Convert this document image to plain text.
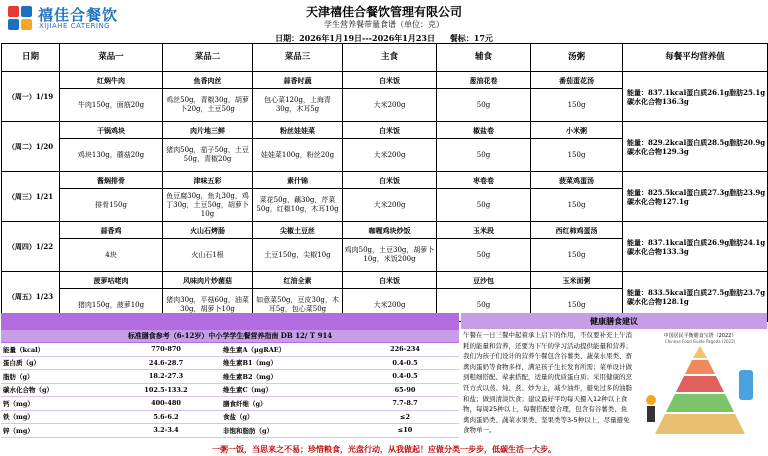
禧佳合餐饮
XIJIAHE CATERING
天津禧佳合餐饮管理有限公司
学生营养餐带量食谱（单位：克）
日期：2026年1月19日---2026年1月23日 餐标：17元
日期	菜品一	菜品二	菜品三	主食	辅食	汤粥	每餐平均营养值
（周一）1/19	红焖牛肉	鱼香肉丝	蒜香时蔬	白米饭	葱油花卷	番茄蛋花汤	能量：837.1kcal蛋白质26.1g脂肪25.1g碳水化合物136.3g
	牛肉150g，面筋20g	鸡丝50g，青椒30g，胡萝卜20g，土豆50g	包心菜120g，上海青30g，木耳5g	大米200g	50g	150g	
（周二）1/20	干锅鸡块	肉片地三鲜	粉丝娃娃菜	白米饭	椒盐卷	小米粥	能量：829.2kcal蛋白质28.5g脂肪20.9g碳水化合物129.3g
	鸡块130g，蘑菇20g	猪肉50g，茄子50g，土豆50g，青椒20g	娃娃菜100g，粉丝20g	大米200g	50g	150g	
（周三）1/21	酱焖排骨	津味五彩	素什锦	白米饭	枣卷卷	菠菜鸡蛋汤	能量：825.5kcal蛋白质27.3g脂肪23.9g碳水化合物127.1g
	排骨150g	鱼豆腐30g，鱼丸30g，鸡丁30g，土豆50g，胡萝卜10g	菜花50g，藕30g，芹菜50g，红椒10g，木耳10g	大米200g	50g	150g	
（周四）1/22	蒜香鸡	火山石烤肠	尖椒土豆丝	咖喱鸡块炒饭	玉米段	西红柿鸡蛋汤	能量：837.1kcal蛋白质26.9g脂肪24.1g碳水化合物133.3g
	4块	火山石1根	土豆150g，尖椒10g	鸡肉50g，土豆30g，胡萝卜10g，米饭200g	50g	150g	
（周五）1/23	菠萝咕咾肉	风味肉片炒菌菇	红油全素	白米饭	豆沙包	玉米面粥	能量：833.5kcal蛋白质27.5g脂肪23.7g碳水化合物128.1g
	猪肉150g，菠萝10g	猪肉30g，平菇60g，油菜30g，胡萝卜10g	如意菜50g，豆皮30g，木耳5g，包心菜50g	大米200g	50g	150g	
标准膳食参考（6-12岁）中小学学生餐营养指南 DB 12/ T 914
能量（kcal）	770-870	维生素A（μgRAE）	226-234
蛋白质（g）	24.6-28.7	维生素B1（mg）	0.4-0.5
脂肪（g）	18.2-27.3	维生素B2（mg）	0.4-0.5
碳水化合物（g）	102.5-133.2	维生素C（mg）	65-90
钙（mg）	400-480	膳食纤维（g）	7.7-8.7
铁（mg）	5.6-6.2	食盐（g）	≤2
锌（mg）	3.2-3.4	非饱和脂肪（g）	≤10
健康膳食建议
午餐在一日三餐中起着承上启下的作用，不仅要补充上午消耗的能量和营养，还要为下午的学习活动提供能量和营养；我们为孩子们设计的营养午餐包含谷薯类、蔬菜水果类、畜禽肉蛋奶等食物多样，满足孩子生长发育所需；菜单设计做到粗细搭配、荤素搭配，适量的优质蛋白质；采用健康的烹饪方式以蒸、炖、煮、炒为主，减少油炸，避免过多的油脂和盐；做到清淡饮食；建议最好平均每天摄入12种以上食物，每周25种以上，每餐搭配要合理，包含有谷薯类、鱼禽肉蛋奶类、蔬菜水果类、坚果类等3-5种以上，尽量避免食物单一。
中国居民平衡膳食宝塔（2022）
Chinese Food Guide Pagoda (2022)
一粥一饭，当思来之不易；珍惜粮食，光盘行动，从我做起！应做分类一步步，低碳生活一大步。
